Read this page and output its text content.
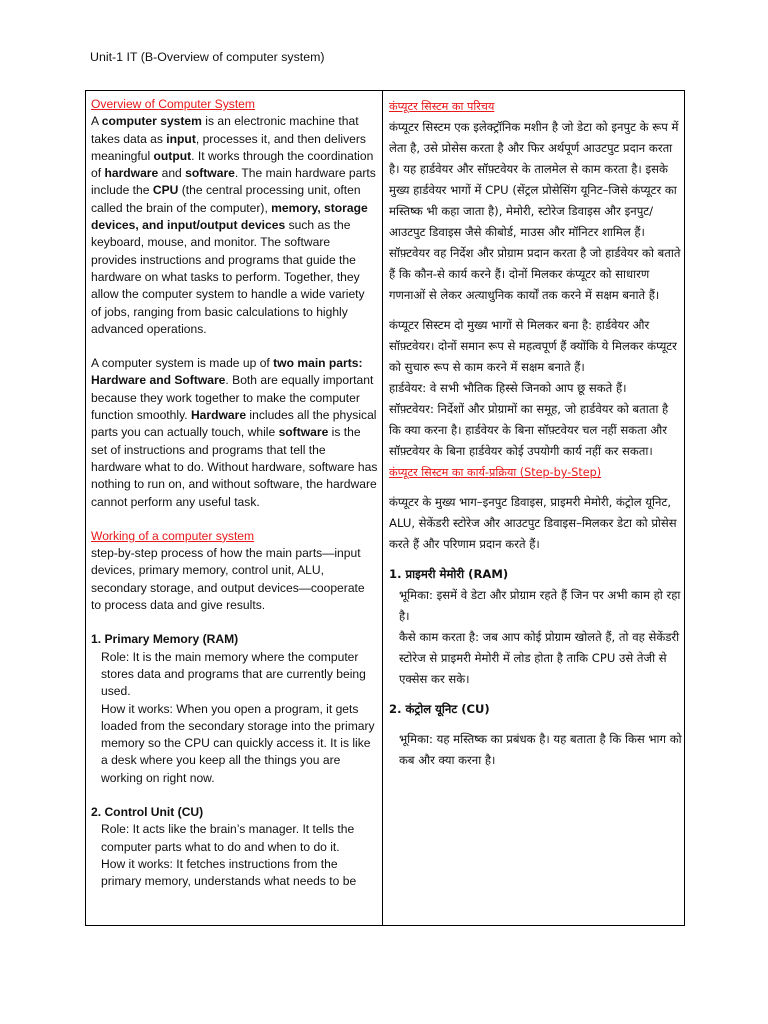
Unit-1 IT (B-Overview of computer system)
Overview of Computer System

A computer system is an electronic machine that takes data as input, processes it, and then delivers meaningful output. It works through the coordination of hardware and software. The main hardware parts include the CPU (the central processing unit, often called the brain of the computer), memory, storage devices, and input/output devices such as the keyboard, mouse, and monitor. The software provides instructions and programs that guide the hardware on what tasks to perform. Together, they allow the computer system to handle a wide variety of jobs, ranging from basic calculations to highly advanced operations.

A computer system is made up of two main parts: Hardware and Software. Both are equally important because they work together to make the computer function smoothly. Hardware includes all the physical parts you can actually touch, while software is the set of instructions and programs that tell the hardware what to do. Without hardware, software has nothing to run on, and without software, the hardware cannot perform any useful task.

Working of a computer system

step-by-step process of how the main parts—input devices, primary memory, control unit, ALU, secondary storage, and output devices—cooperate to process data and give results.

1. Primary Memory (RAM)

Role: It is the main memory where the computer stores data and programs that are currently being used.

How it works: When you open a program, it gets loaded from the secondary storage into the primary memory so the CPU can quickly access it. It is like a desk where you keep all the things you are working on right now.

2. Control Unit (CU)

Role: It acts like the brain’s manager. It tells the computer parts what to do and when to do it.

How it works: It fetches instructions from the primary memory, understands what needs to be

कंप्यूटर सिस्टम का परिचय

कंप्यूटर सिस्टम एक इलेक्ट्रॉनिक मशीन है जो डेटा को इनपुट के रूप में लेता है, उसे प्रोसेस करता है और फिर अर्थपूर्ण आउटपुट प्रदान करता है। यह हार्डवेयर और सॉफ़्टवेयर के तालमेल से काम करता है। इसके मुख्य हार्डवेयर भागों में CPU (सेंट्रल प्रोसेसिंग यूनिट–जिसे कंप्यूटर का मस्तिष्क भी कहा जाता है), मेमोरी, स्टोरेज डिवाइस और इनपुट/आउटपुट डिवाइस जैसे कीबोर्ड, माउस और मॉनिटर शामिल हैं। सॉफ़्टवेयर वह निर्देश और प्रोग्राम प्रदान करता है जो हार्डवेयर को बताते हैं कि कौन-से कार्य करने हैं। दोनों मिलकर कंप्यूटर को साधारण गणनाओं से लेकर अत्याधुनिक कार्यों तक करने में सक्षम बनाते हैं।

कंप्यूटर सिस्टम दो मुख्य भागों से मिलकर बना है: हार्डवेयर और सॉफ़्टवेयर। दोनों समान रूप से महत्वपूर्ण हैं क्योंकि ये मिलकर कंप्यूटर को सुचारु रूप से काम करने में सक्षम बनाते हैं।

हार्डवेयर: वे सभी भौतिक हिस्से जिनको आप छू सकते हैं।

सॉफ़्टवेयर: निर्देशों और प्रोग्रामों का समूह, जो हार्डवेयर को बताता है कि क्या करना है। हार्डवेयर के बिना सॉफ़्टवेयर चल नहीं सकता और सॉफ़्टवेयर के बिना हार्डवेयर कोई उपयोगी कार्य नहीं कर सकता।

कंप्यूटर सिस्टम का कार्य-प्रक्रिया (Step-by-Step)

कंप्यूटर के मुख्य भाग–इनपुट डिवाइस, प्राइमरी मेमोरी, कंट्रोल यूनिट, ALU, सेकेंडरी स्टोरेज और आउटपुट डिवाइस–मिलकर डेटा को प्रोसेस करते हैं और परिणाम प्रदान करते हैं।

1. प्राइमरी मेमोरी (RAM)

भूमिका: इसमें वे डेटा और प्रोग्राम रहते हैं जिन पर अभी काम हो रहा है।

कैसे काम करता है: जब आप कोई प्रोग्राम खोलते हैं, तो वह सेकेंडरी स्टोरेज से प्राइमरी मेमोरी में लोड होता है ताकि CPU उसे तेजी से एक्सेस कर सके।

2. कंट्रोल यूनिट (CU)

भूमिका: यह मस्तिष्क का प्रबंधक है। यह बताता है कि किस भाग को कब और क्या करना है।
